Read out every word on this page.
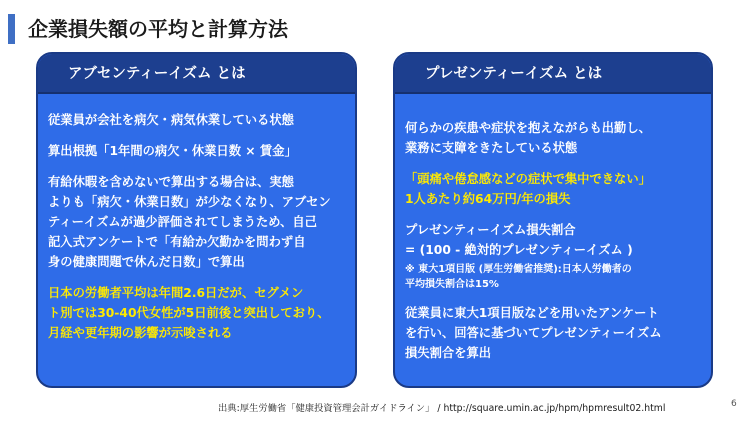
企業損失額の平均と計算方法
アブセンティーイズム とは

従業員が会社を病欠・病気休業している状態

算出根拠「1年間の病欠・休業日数 × 賃金」

有給休暇を含めないで算出する場合は、実態
よりも「病欠・休業日数」が少なくなり、アブセン
ティーイズムが過少評価されてしまうため、自己
記入式アンケートで「有給か欠勤かを問わず自
身の健康問題で休んだ日数」で算出

日本の労働者平均は年間2.6日だが、セグメン
ト別では30-40代女性が5日前後と突出しており、
月経や更年期の影響が示唆される

プレゼンティーイズム とは

何らかの疾患や症状を抱えながらも出勤し、
業務に支障をきたしている状態

「頭痛や倦怠感などの症状で集中できない」
1人あたり約64万円/年の損失

プレゼンティーイズム損失割合
= (100 - 絶対的プレゼンティーイズム )

※ 東大1項目版 (厚生労働省推奨):日本人労働者の
平均損失割合は15%

従業員に東大1項目版などを用いたアンケート
を行い、回答に基づいてプレゼンティーイズム
損失割合を算出

出典:厚生労働省「健康投資管理会計ガイドライン」 / http://square.umin.ac.jp/hpm/hpmresult02.html	6
